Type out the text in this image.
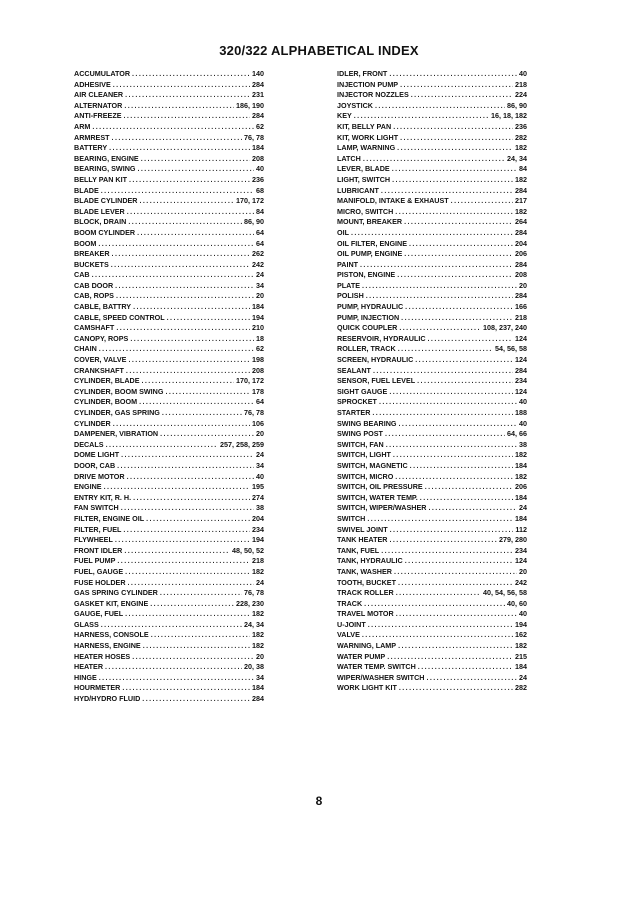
320/322 ALPHABETICAL INDEX
ACCUMULATOR .....	140
ADHESIVE .....	284
AIR CLEANER .....	231
ALTERNATOR .....	186, 190
ANTI-FREEZE .....	284
ARM .....	62
ARMREST .....	76, 78
BATTERY .....	184
BEARING, ENGINE .....	208
BEARING, SWING .....	40
BELLY PAN KIT .....	236
BLADE .....	68
BLADE CYLINDER .....	170, 172
BLADE LEVER .....	84
BLOCK, DRAIN .....	86, 90
BOOM CYLINDER .....	64
BOOM .....	64
BREAKER .....	262
BUCKETS .....	242
CAB .....	24
CAB DOOR .....	34
CAB, ROPS .....	20
CABLE, BATTRY .....	184
CABLE, SPEED CONTROL .....	194
CAMSHAFT .....	210
CANOPY, ROPS .....	18
CHAIN .....	62
COVER, VALVE .....	198
CRANKSHAFT .....	208
CYLINDER, BLADE .....	170, 172
CYLINDER, BOOM SWING .....	178
CYLINDER, BOOM .....	64
CYLINDER, GAS SPRING .....	76, 78
CYLINDER .....	106
DAMPENER, VIBRATION .....	20
DECALS .....	257, 258, 259
DOME LIGHT .....	24
DOOR, CAB .....	34
DRIVE MOTOR .....	40
ENGINE .....	195
ENTRY KIT, R. H. .....	274
FAN SWITCH .....	38
FILTER, ENGINE OIL .....	204
FILTER, FUEL .....	234
FLYWHEEL .....	194
FRONT IDLER .....	48, 50, 52
FUEL PUMP .....	218
FUEL, GAUGE .....	182
FUSE HOLDER .....	24
GAS SPRING CYLINDER .....	76, 78
GASKET KIT, ENGINE .....	228, 230
GAUGE, FUEL .....	182
GLASS .....	24, 34
HARNESS, CONSOLE .....	182
HARNESS, ENGINE .....	182
HEATER HOSES .....	20
HEATER .....	20, 38
HINGE .....	34
HOURMETER .....	184
HYD/HYDRO FLUID .....	284
IDLER, FRONT .....	40
INJECTION PUMP .....	218
INJECTOR NOZZLES .....	224
JOYSTICK .....	86, 90
KEY .....	16, 18, 182
KIT, BELLY PAN .....	236
KIT, WORK LIGHT .....	282
LAMP, WARNING .....	182
LATCH .....	24, 34
LEVER, BLADE .....	84
LIGHT, SWITCH .....	182
LUBRICANT .....	284
MANIFOLD, INTAKE & EXHAUST .....	217
MICRO, SWITCH .....	182
MOUNT, BREAKER .....	264
OIL .....	284
OIL FILTER, ENGINE .....	204
OIL PUMP, ENGINE .....	206
PAINT .....	284
PISTON, ENGINE .....	208
PLATE .....	20
POLISH .....	284
PUMP, HYDRAULIC .....	166
PUMP, INJECTION .....	218
QUICK COUPLER .....	108, 237, 240
RESERVOIR, HYDRAULIC .....	124
ROLLER, TRACK .....	54, 56, 58
SCREEN, HYDRAULIC .....	124
SEALANT .....	284
SENSOR, FUEL LEVEL .....	234
SIGHT GAUGE .....	124
SPROCKET .....	40
STARTER .....	188
SWING BEARING .....	40
SWING POST .....	64, 66
SWITCH, FAN .....	38
SWITCH, LIGHT .....	182
SWITCH, MAGNETIC .....	184
SWITCH, MICRO .....	182
SWITCH, OIL PRESSURE .....	206
SWITCH, WATER TEMP. .....	184
SWITCH, WIPER/WASHER .....	24
SWITCH .....	184
SWIVEL JOINT .....	112
TANK HEATER .....	279, 280
TANK, FUEL .....	234
TANK, HYDRAULIC .....	124
TANK, WASHER .....	20
TOOTH, BUCKET .....	242
TRACK ROLLER .....	40, 54, 56, 58
TRACK .....	40, 60
TRAVEL MOTOR .....	40
U-JOINT .....	194
VALVE .....	162
WARNING, LAMP .....	182
WATER PUMP .....	215
WATER TEMP. SWITCH .....	184
WIPER/WASHER SWITCH .....	24
WORK LIGHT KIT .....	282
8
